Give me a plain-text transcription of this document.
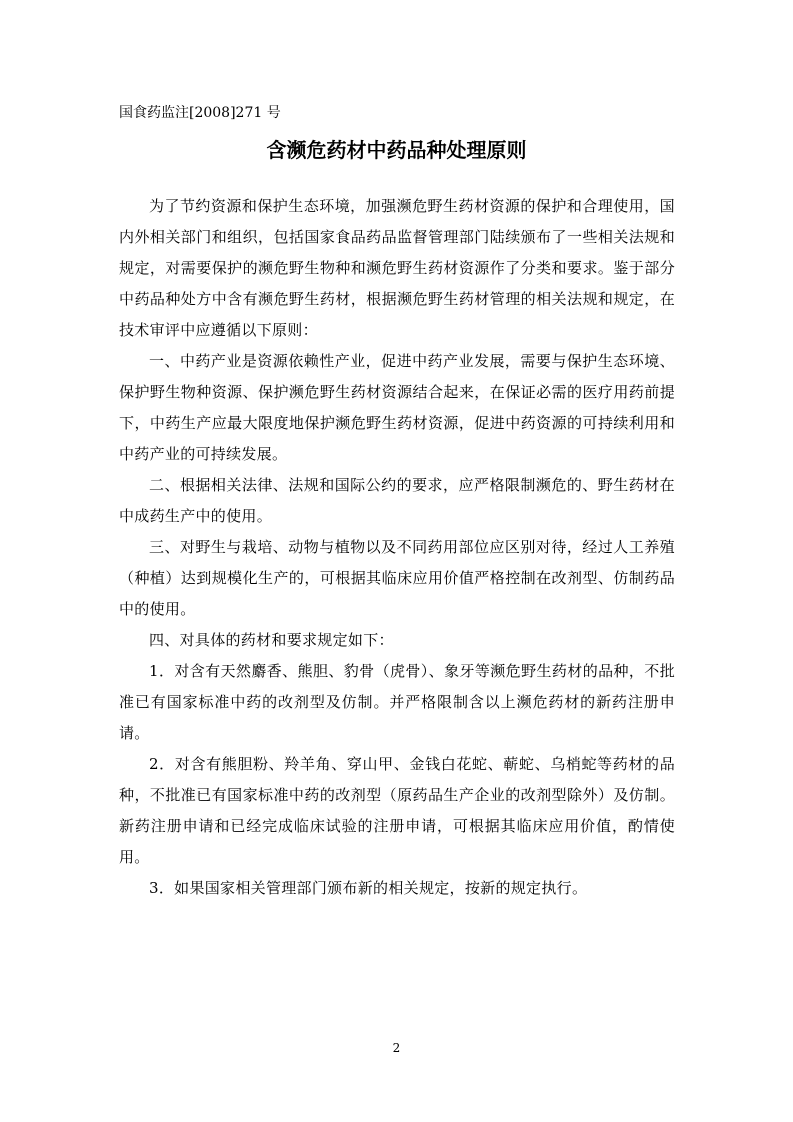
国食药监注[2008]271 号
含濒危药材中药品种处理原则

为了节约资源和保护生态环境，加强濒危野生药材资源的保护和合理使用，国内外相关部门和组织，包括国家食品药品监督管理部门陆续颁布了一些相关法规和规定，对需要保护的濒危野生物种和濒危野生药材资源作了分类和要求。鉴于部分中药品种处方中含有濒危野生药材，根据濒危野生药材管理的相关法规和规定，在技术审评中应遵循以下原则：

一、中药产业是资源依赖性产业，促进中药产业发展，需要与保护生态环境、保护野生物种资源、保护濒危野生药材资源结合起来，在保证必需的医疗用药前提下，中药生产应最大限度地保护濒危野生药材资源，促进中药资源的可持续利用和中药产业的可持续发展。

二、根据相关法律、法规和国际公约的要求，应严格限制濒危的、野生药材在中成药生产中的使用。

三、对野生与栽培、动物与植物以及不同药用部位应区别对待，经过人工养殖（种植）达到规模化生产的，可根据其临床应用价值严格控制在改剂型、仿制药品中的使用。

四、对具体的药材和要求规定如下：

1．对含有天然麝香、熊胆、豹骨（虎骨）、象牙等濒危野生药材的品种，不批准已有国家标准中药的改剂型及仿制。并严格限制含以上濒危药材的新药注册申请。

2．对含有熊胆粉、羚羊角、穿山甲、金钱白花蛇、蕲蛇、乌梢蛇等药材的品种，不批准已有国家标准中药的改剂型（原药品生产企业的改剂型除外）及仿制。新药注册申请和已经完成临床试验的注册申请，可根据其临床应用价值，酌情使用。

3．如果国家相关管理部门颁布新的相关规定，按新的规定执行。

2
